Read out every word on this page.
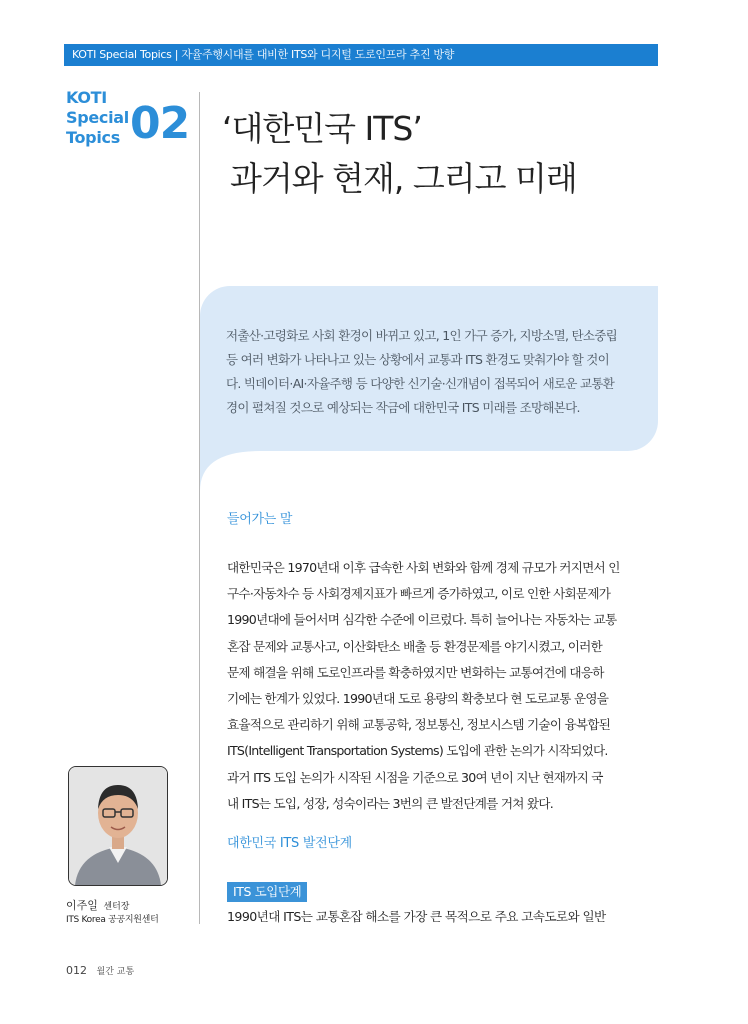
KOTI Special Topics | 자율주행시대를 대비한 ITS와 디지털 도로인프라 추진 방향
KOTI
Special
Topics 02 ‘대한민국 ITS’
과거와 현재, 그리고 미래
저출산·고령화로 사회 환경이 바뀌고 있고, 1인 가구 증가, 지방소멸, 탄소중립
등 여러 변화가 나타나고 있는 상황에서 교통과 ITS 환경도 맞춰가야 할 것이
다. 빅데이터·AI·자율주행 등 다양한 신기술·신개념이 접목되어 새로운 교통환
경이 펼쳐질 것으로 예상되는 작금에 대한민국 ITS 미래를 조망해본다.
들어가는 말

대한민국은 1970년대 이후 급속한 사회 변화와 함께 경제 규모가 커지면서 인

구수·자동차수 등 사회경제지표가 빠르게 증가하였고, 이로 인한 사회문제가

1990년대에 들어서며 심각한 수준에 이르렀다. 특히 늘어나는 자동차는 교통

혼잡 문제와 교통사고, 이산화탄소 배출 등 환경문제를 야기시켰고, 이러한

문제 해결을 위해 도로인프라를 확충하였지만 변화하는 교통여건에 대응하

기에는 한계가 있었다. 1990년대 도로 용량의 확충보다 현 도로교통 운영을

효율적으로 관리하기 위해 교통공학, 정보통신, 정보시스템 기술이 융복합된

ITS(Intelligent Transportation Systems) 도입에 관한 논의가 시작되었다.

과거 ITS 도입 논의가 시작된 시점을 기준으로 30여 년이 지난 현재까지 국

내 ITS는 도입, 성장, 성숙이라는 3번의 큰 발전단계를 거쳐 왔다.

대한민국 ITS 발전단계
ITS 도입단계
1990년대 ITS는 교통혼잡 해소를 가장 큰 목적으로 주요 고속도로와 일반
이주일 센터장
ITS Korea 공공지원센터
012 월간 교통
